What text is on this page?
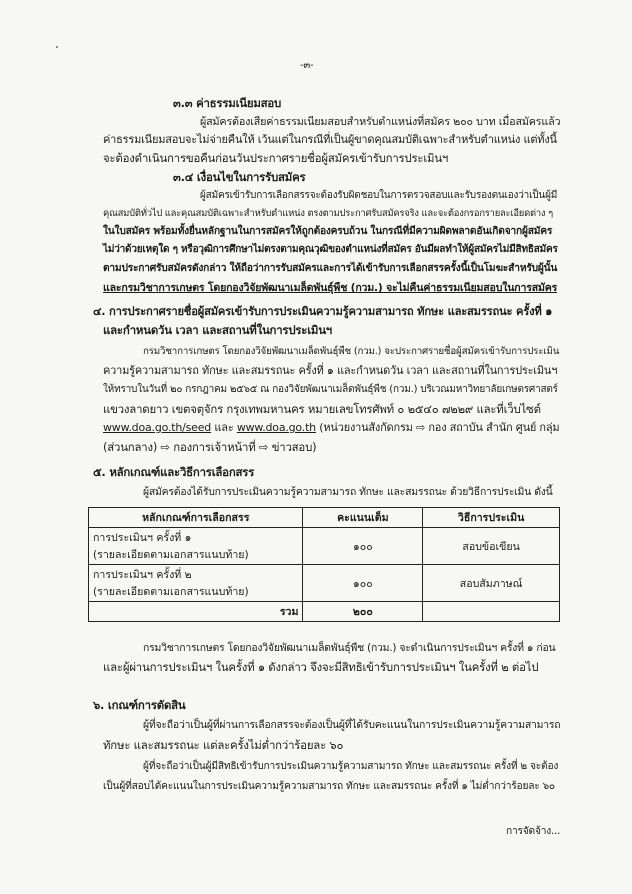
-๓-
๓.๓ ค่าธรรมเนียมสอบ
ผู้สมัครต้องเสียค่าธรรมเนียมสอบสำหรับตำแหน่งที่สมัคร ๒๐๐ บาท เมื่อสมัครแล้ว
ค่าธรรมเนียมสอบจะไม่จ่ายคืนให้ เว้นแต่ในกรณีที่เป็นผู้ขาดคุณสมบัติเฉพาะสำหรับตำแหน่ง แต่ทั้งนี้
จะต้องดำเนินการขอคืนก่อนวันประกาศรายชื่อผู้สมัครเข้ารับการประเมินฯ
๓.๔ เงื่อนไขในการรับสมัคร
ผู้สมัครเข้ารับการเลือกสรรจะต้องรับผิดชอบในการตรวจสอบและรับรองตนเองว่าเป็นผู้มี
คุณสมบัติทั่วไป และคุณสมบัติเฉพาะสำหรับตำแหน่ง ตรงตามประกาศรับสมัครจริง และจะต้องกรอกรายละเอียดต่าง ๆ
ในใบสมัคร พร้อมทั้งยื่นหลักฐานในการสมัครให้ถูกต้องครบถ้วน ในกรณีที่มีความผิดพลาดอันเกิดจากผู้สมัคร
ไม่ว่าด้วยเหตุใด ๆ หรือวุฒิการศึกษาไม่ตรงตามคุณวุฒิของตำแหน่งที่สมัคร อันมีผลทำให้ผู้สมัครไม่มีสิทธิสมัคร
ตามประกาศรับสมัครดังกล่าว ให้ถือว่าการรับสมัครและการได้เข้ารับการเลือกสรรครั้งนี้เป็นโมฆะสำหรับผู้นั้น
และกรมวิชาการเกษตร โดยกองวิจัยพัฒนาเมล็ดพันธุ์พืช (กวม.) จะไม่คืนค่าธรรมเนียมสอบในการสมัคร
๔. การประกาศรายชื่อผู้สมัครเข้ารับการประเมินความรู้ความสามารถ ทักษะ และสมรรถนะ ครั้งที่ ๑
และกำหนดวัน เวลา และสถานที่ในการประเมินฯ
กรมวิชาการเกษตร โดยกองวิจัยพัฒนาเมล็ดพันธุ์พืช (กวม.) จะประกาศรายชื่อผู้สมัครเข้ารับการประเมิน
ความรู้ความสามารถ ทักษะ และสมรรถนะ ครั้งที่ ๑ และกำหนดวัน เวลา และสถานที่ในการประเมินฯ
ให้ทราบในวันที่ ๒๐ กรกฎาคม ๒๕๖๕ ณ กองวิจัยพัฒนาเมล็ดพันธุ์พืช (กวม.) บริเวณมหาวิทยาลัยเกษตรศาสตร์
แขวงลาดยาว เขตจตุจักร กรุงเทพมหานคร หมายเลขโทรศัพท์ ๐ ๒๕๔๐ ๗๒๒๙ และที่เว็บไซต์
www.doa.go.th/seed และ www.doa.go.th (หน่วยงานสังกัดกรม ⇨ กอง สถาบัน สำนัก ศูนย์ กลุ่ม
(ส่วนกลาง) ⇨ กองการเจ้าหน้าที่ ⇨ ข่าวสอบ)
๕. หลักเกณฑ์และวิธีการเลือกสรร
ผู้สมัครต้องได้รับการประเมินความรู้ความสามารถ ทักษะ และสมรรถนะ ด้วยวิธีการประเมิน ดังนี้
หลักเกณฑ์การเลือกสรร	คะแนนเต็ม	วิธีการประเมิน

การประเมินฯ ครั้งที่ ๑
(รายละเอียดตามเอกสารแนบท้าย)	๑๐๐	สอบข้อเขียน

การประเมินฯ ครั้งที่ ๒
(รายละเอียดตามเอกสารแนบท้าย)	๑๐๐	สอบสัมภาษณ์
รวม	๒๐๐	
กรมวิชาการเกษตร โดยกองวิจัยพัฒนาเมล็ดพันธุ์พืช (กวม.) จะดำเนินการประเมินฯ ครั้งที่ ๑ ก่อน
และผู้ผ่านการประเมินฯ ในครั้งที่ ๑ ดังกล่าว จึงจะมีสิทธิเข้ารับการประเมินฯ ในครั้งที่ ๒ ต่อไป
๖. เกณฑ์การตัดสิน
ผู้ที่จะถือว่าเป็นผู้ที่ผ่านการเลือกสรรจะต้องเป็นผู้ที่ได้รับคะแนนในการประเมินความรู้ความสามารถ
ทักษะ และสมรรถนะ แต่ละครั้งไม่ต่ำกว่าร้อยละ ๖๐
ผู้ที่จะถือว่าเป็นผู้มีสิทธิเข้ารับการประเมินความรู้ความสามารถ ทักษะ และสมรรถนะ ครั้งที่ ๒ จะต้อง
เป็นผู้ที่สอบได้คะแนนในการประเมินความรู้ความสามารถ ทักษะ และสมรรถนะ ครั้งที่ ๑ ไม่ต่ำกว่าร้อยละ ๖๐
การจัดจ้าง...
